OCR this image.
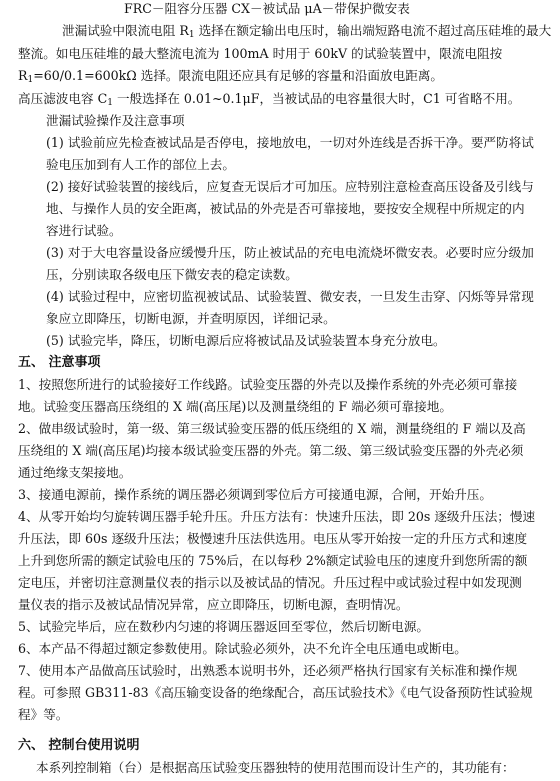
FRC－阻容分压器 CX－被试品 μA－带保护微安表
泄漏试验中限流电阻 $R_1$ 选择在额定输出电压时，输出端短路电流不超过高压硅堆的最大
整流。如电压硅堆的最大整流电流为 100mA 时用于 60kV 的试验装置中，限流电阻按
$R_1=60/0.1=600k\Omega$ 选择。限流电阻还应具有足够的容量和沿面放电距离。
高压滤波电容 $C_1$ 一般选择在 0.01~0.1μF，当被试品的电容量很大时，C1 可省略不用。
泄漏试验操作及注意事项
(1) 试验前应先检查被试品是否停电，接地放电，一切对外连线是否拆干净。要严防将试
验电压加到有人工作的部位上去。
(2) 接好试验装置的接线后，应复查无误后才可加压。应特别注意检查高压设备及引线与
地、与操作人员的安全距离，被试品的外壳是否可靠接地，要按安全规程中所规定的内
容进行试验。
(3) 对于大电容量设备应缓慢升压，防止被试品的充电电流烧坏微安表。必要时应分级加
压，分别读取各级电压下微安表的稳定读数。
(4) 试验过程中，应密切监视被试品、试验装置、微安表，一旦发生击穿、闪烁等异常现
象应立即降压，切断电源，并查明原因，详细记录。
(5) 试验完毕，降压，切断电源后应将被试品及试验装置本身充分放电。
五、 注意事项
1、按照您所进行的试验接好工作线路。试验变压器的外壳以及操作系统的外壳必须可靠接
地。试验变压器高压绕组的 X 端(高压尾)以及测量绕组的 F 端必须可靠接地。
2、做串级试验时，第一级、第三级试验变压器的低压绕组的 X 端，测量绕组的 F 端以及高
压绕组的 X 端(高压尾)均接本级试验变压器的外壳。第二级、第三级试验变压器的外壳必须
通过绝缘支架接地。
3、接通电源前，操作系统的调压器必须调到零位后方可接通电源，合闸，开始升压。
4、从零开始均匀旋转调压器手轮升压。升压方法有：快速升压法，即 20s 逐级升压法；慢速
升压法，即 60s 逐级升压法；极慢速升压法供选用。电压从零开始按一定的升压方式和速度
上升到您所需的额定试验电压的 75%后，在以每秒 2%额定试验电压的速度升到您所需的额
定电压，并密切注意测量仪表的指示以及被试品的情况。升压过程中或试验过程中如发现测
量仪表的指示及被试品情况异常，应立即降压，切断电源，查明情况。
5、试验完毕后，应在数秒内匀速的将调压器返回至零位，然后切断电源。
6、本产品不得超过额定参数使用。除试验必须外，决不允许全电压通电或断电。
7、使用本产品做高压试验时，出熟悉本说明书外，还必须严格执行国家有关标准和操作规
程。可参照 GB311-83《高压输变设备的绝缘配合，高压试验技术》《电气设备预防性试验规
程》等。
六、 控制台使用说明
本系列控制箱（台）是根据高压试验变压器独特的使用范围而设计生产的，其功能有：
